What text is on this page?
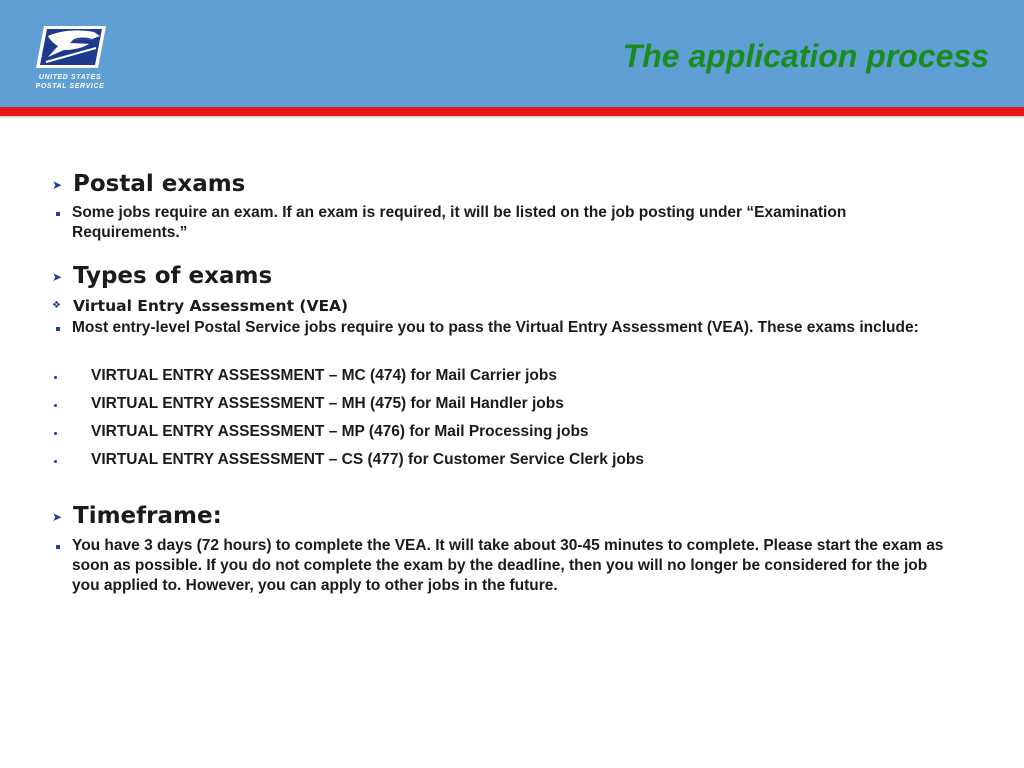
UNITED STATES
POSTAL SERVICE
The application process
➤ Postal exams
Some jobs require an exam. If an exam is required, it will be listed on the job posting under “Examination Requirements.”
➤ Types of exams
❖ Virtual Entry Assessment (VEA)
Most entry-level Postal Service jobs require you to pass the Virtual Entry Assessment (VEA). These exams include:
VIRTUAL ENTRY ASSESSMENT – MC (474) for Mail Carrier jobs
VIRTUAL ENTRY ASSESSMENT – MH (475) for Mail Handler jobs
VIRTUAL ENTRY ASSESSMENT – MP (476) for Mail Processing jobs
VIRTUAL ENTRY ASSESSMENT – CS (477) for Customer Service Clerk jobs
➤ Timeframe:
You have 3 days (72 hours) to complete the VEA. It will take about 30-45 minutes to complete. Please start the exam as soon as possible. If you do not complete the exam by the deadline, then you will no longer be considered for the job you applied to. However, you can apply to other jobs in the future.
